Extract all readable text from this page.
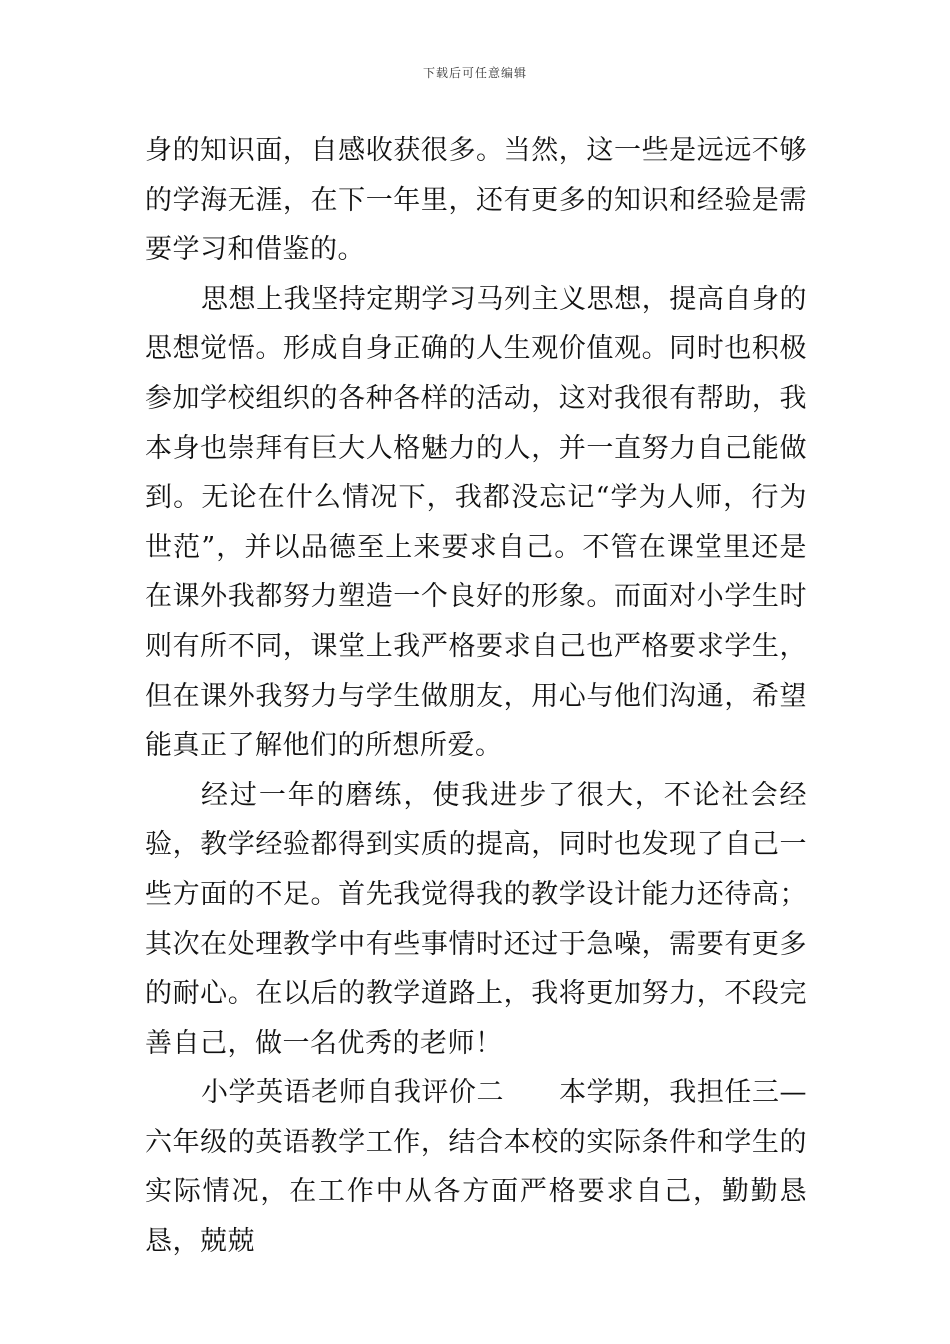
下载后可任意编辑

身的知识面，自感收获很多。当然，这一些是远远不够的学海无涯，在下一年里，还有更多的知识和经验是需要学习和借鉴的。

思想上我坚持定期学习马列主义思想，提高自身的思想觉悟。形成自身正确的人生观价值观。同时也积极参加学校组织的各种各样的活动，这对我很有帮助，我本身也崇拜有巨大人格魅力的人，并一直努力自己能做到。无论在什么情况下，我都没忘记“学为人师，行为世范”，并以品德至上来要求自己。不管在课堂里还是在课外我都努力塑造一个良好的形象。而面对小学生时则有所不同，课堂上我严格要求自己也严格要求学生，但在课外我努力与学生做朋友，用心与他们沟通，希望能真正了解他们的所想所爱。

经过一年的磨练，使我进步了很大，不论社会经验，教学经验都得到实质的提高，同时也发现了自己一些方面的不足。首先我觉得我的教学设计能力还待高；其次在处理教学中有些事情时还过于急噪，需要有更多的耐心。在以后的教学道路上，我将更加努力，不段完善自己，做一名优秀的老师！

小学英语老师自我评价二　　本学期，我担任三—六年级的英语教学工作，结合本校的实际条件和学生的实际情况，在工作中从各方面严格要求自己，勤勤恳恳，兢兢
